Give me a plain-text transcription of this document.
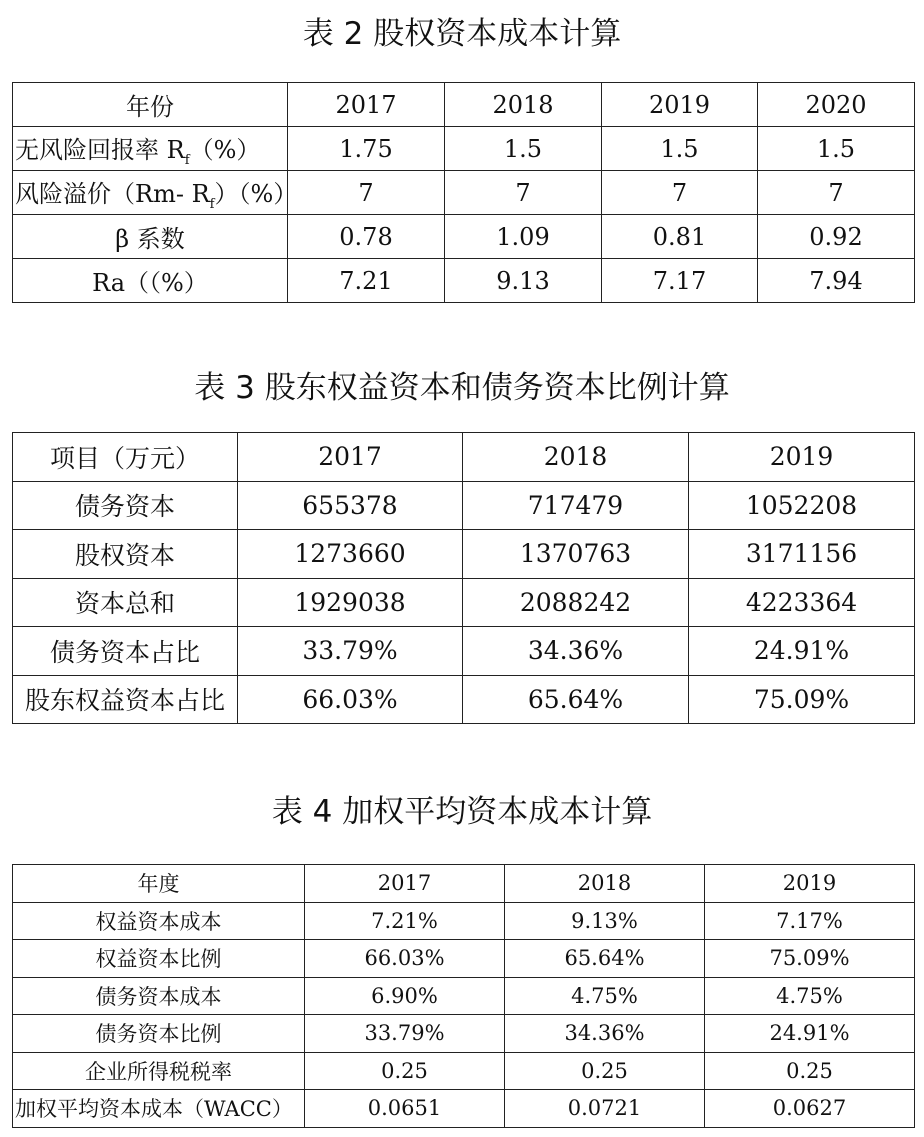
表 2 股权资本成本计算
年份	2017	2018	2019	2020
无风险回报率 $R_f(\%)$	1.75	1.5	1.5	1.5
风险溢价（Rm- $R_f)(\%)$	7	7	7	7
β 系数	0.78	1.09	0.81	0.92
Ra（（%）	7.21	9.13	7.17	7.94
表 3 股东权益资本和债务资本比例计算
项目（万元）	2017	2018	2019
债务资本	655378	717479	1052208
股权资本	1273660	1370763	3171156
资本总和	1929038	2088242	4223364
债务资本占比	33.79%	34.36%	24.91%
股东权益资本占比	66.03%	65.64%	75.09%
表 4 加权平均资本成本计算
年度	2017	2018	2019
权益资本成本	7.21%	9.13%	7.17%
权益资本比例	66.03%	65.64%	75.09%
债务资本成本	6.90%	4.75%	4.75%
债务资本比例	33.79%	34.36%	24.91%
企业所得税税率	0.25	0.25	0.25
加权平均资本成本（WACC）	0.0651	0.0721	0.0627
